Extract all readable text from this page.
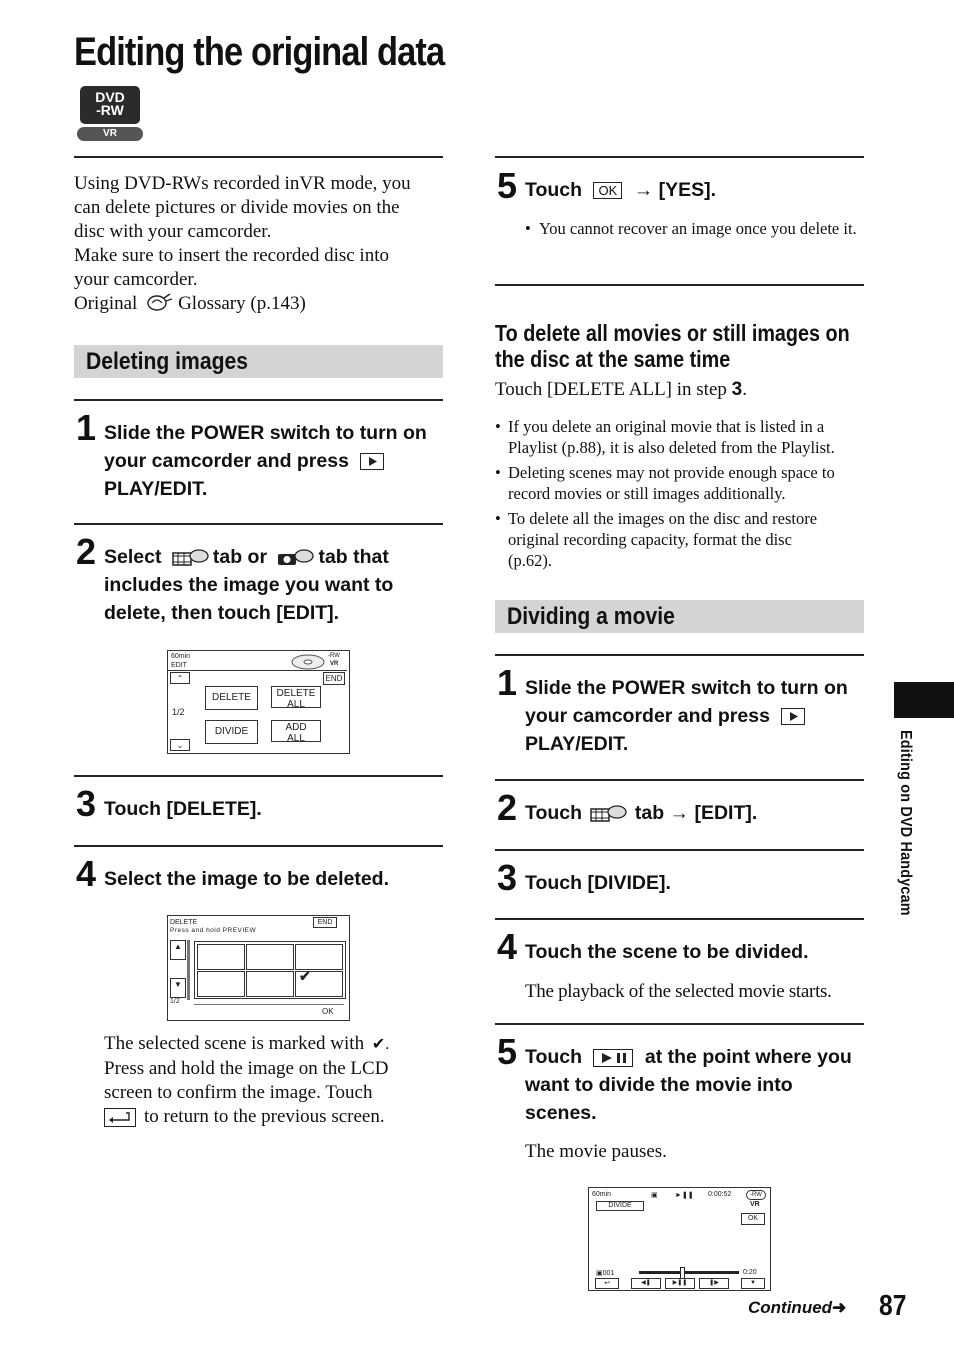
Editing the original data
DVD
-RW
VR
Using DVD-RWs recorded inVR mode, you
can delete pictures or divide movies on the
disc with your camcorder.
Make sure to insert the recorded disc into
your camcorder.
Original Glossary (p.143)
Deleting images
1 Slide the POWER switch to turn on
your camcorder and press
PLAY/EDIT.
2 Select	tab or	tab that
includes the image you want to
delete, then touch [EDIT].
60min
EDIT
-RW
VR
END
⌃
⌄
1/2
DELETE	DELETE
ALL
DIVIDE	ADD
ALL
3 Touch [DELETE].
4 Select the image to be deleted.
DELETE
Press and hold PREVIEW
END
▲
▼
1/2
✔
OK
The selected scene is marked with ✔.
Press and hold the image on the LCD
screen to confirm the image. Touch
to return to the previous screen.
5 Touch OK → [YES].
• You cannot recover an image once you delete it.
To delete all movies or still images on
the disc at the same time
Touch [DELETE ALL] in step 3.
• If you delete an original movie that is listed in a
Playlist (p.88), it is also deleted from the Playlist.
• Deleting scenes may not provide enough space to
record movies or still images additionally.
• To delete all the images on the disc and restore
original recording capacity, format the disc
(p.62).
Dividing a movie
1 Slide the POWER switch to turn on
your camcorder and press
PLAY/EDIT.
2 Touch	tab → [EDIT].
3 Touch [DIVIDE].
4 Touch the scene to be divided.
The playback of the selected movie starts.
5 Touch	at the point where you
want to divide the movie into
scenes.
The movie pauses.
60min	▣ ►❚❚ 0:00:52	-RW
VR
DIVIDE
OK
▣001	0:20
↩	◀❚	▶❚❚	❚▶	▼
Editing on DVD Handycam
Continued➜ 87
